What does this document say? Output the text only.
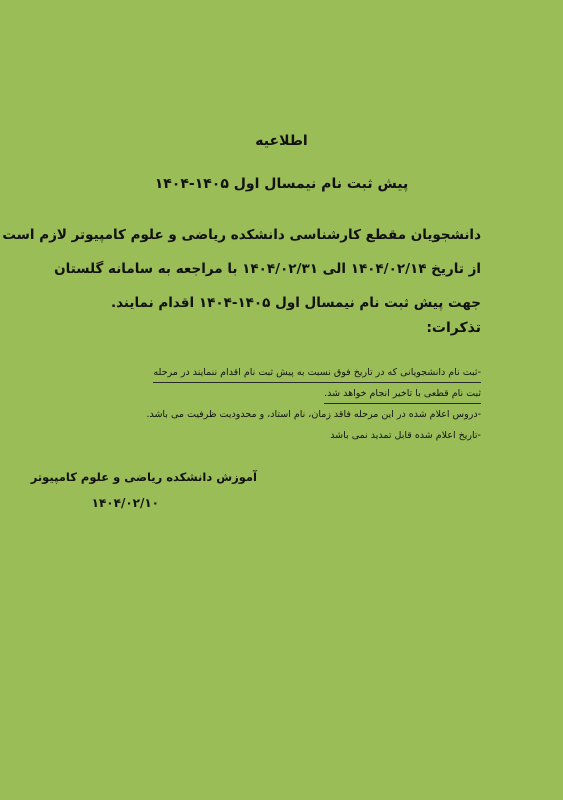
اطلاعیه
پیش ثبت نام نیمسال اول ۱۴۰۵-۱۴۰۴
دانشجویان مقطع کارشناسی دانشکده ریاضی و علوم کامپیوتر لازم است
از تاریخ ۱۴۰۴/۰۲/۱۴ الی ۱۴۰۴/۰۲/۳۱ با مراجعه به سامانه گلستان
جهت پیش ثبت نام نیمسال اول ۱۴۰۵-۱۴۰۴ اقدام نمایند.
تذکرات:
-ثبت نام دانشجویانی که در تاریخ فوق نسبت به پیش ثبت نام اقدام ننمایند در مرحله
ثبت نام قطعی با تاخیر انجام خواهد شد.
-دروس اعلام شده در این مرحله فاقد زمان، نام استاد، و محدودیت ظرفیت می باشد.
-تاریخ اعلام شده قابل تمدید نمی باشد
آموزش دانشکده ریاضی و علوم کامپیوتر
۱۴۰۴/۰۲/۱۰
